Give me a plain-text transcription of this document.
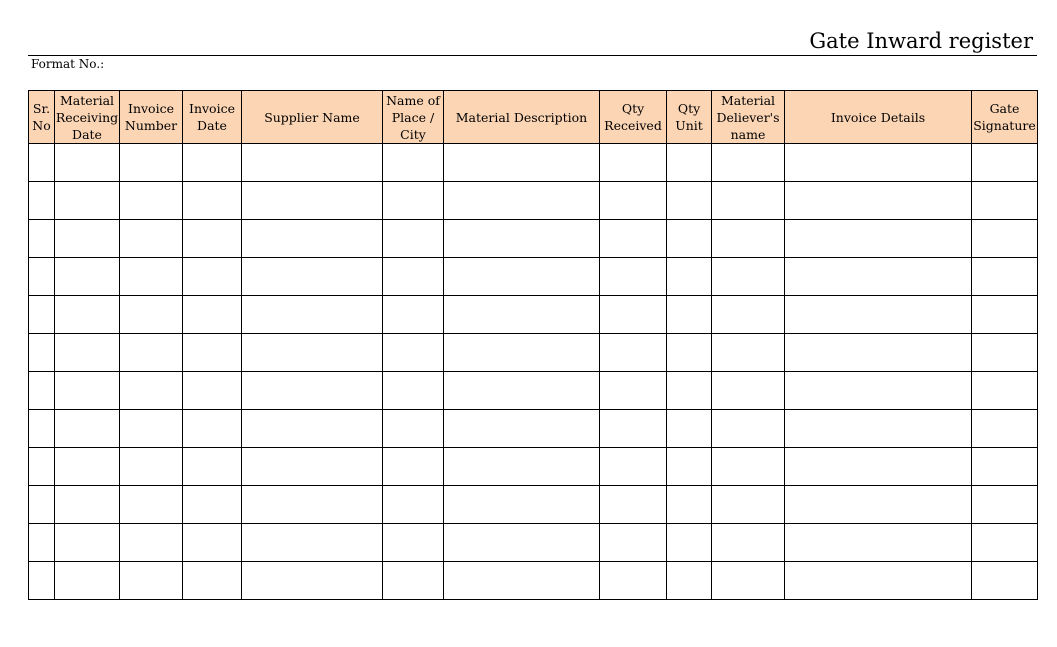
Gate Inward register
Format No.:
Sr. No	Material Receiving Date	Invoice Number	Invoice Date	Supplier Name	Name of Place / City	Material Description	Qty Received	Qty Unit	Material Deliever's name	Invoice Details	Gate Signature
